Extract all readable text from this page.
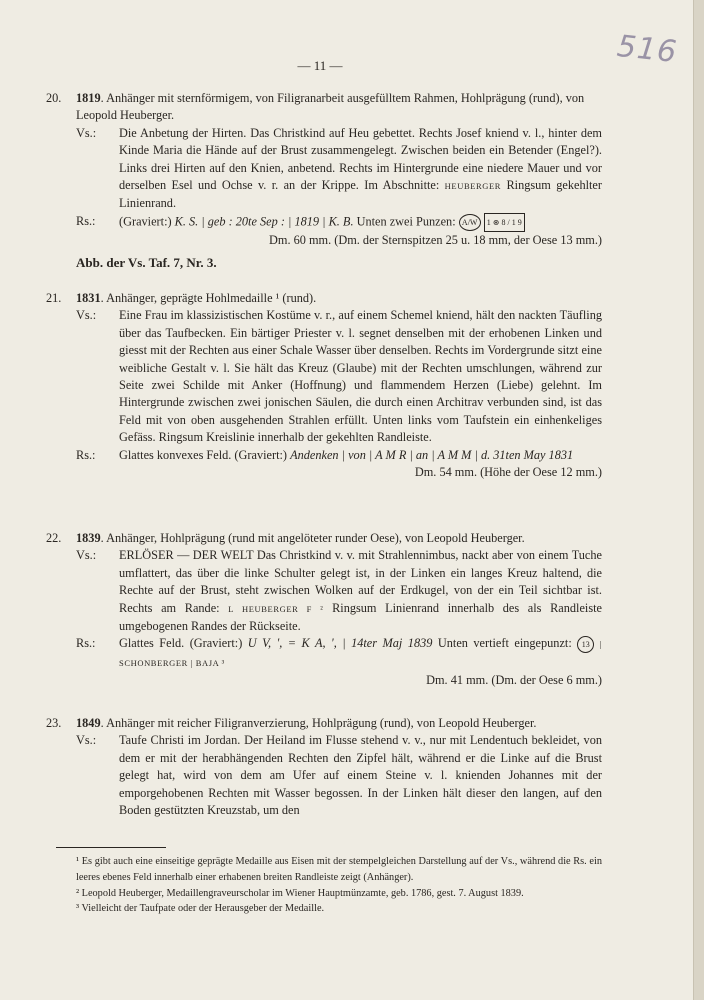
516
— 11 —
20.	1819. Anhänger mit sternförmigem, von Filigranarbeit ausgefülltem Rahmen, Hohlprägung (rund), von Leopold Heuberger.
Vs.:	Die Anbetung der Hirten. Das Christkind auf Heu gebettet. Rechts Josef kniend v. l., hinter dem Kinde Maria die Hände auf der Brust zusammengelegt. Zwischen beiden ein Betender (Engel?). Links drei Hirten auf den Knien, anbetend. Rechts im Hintergrunde eine niedere Mauer und vor derselben Esel und Ochse v. r. an der Krippe. Im Abschnitte: HEUBERGER Ringsum gekehlter Linienrand.
Rs.:	(Graviert:) K. S. | geb : 20te Sep : | 1819 | K. B. Unten zwei Punzen: A/W 1 ⊛ 8 / 1 9
Dm. 60 mm. (Dm. der Sternspitzen 25 u. 18 mm, der Oese 13 mm.)
Abb. der Vs. Taf. 7, Nr. 3.
21.	1831. Anhänger, geprägte Hohlmedaille ¹ (rund).
Vs.:	Eine Frau im klassizistischen Kostüme v. r., auf einem Schemel kniend, hält den nackten Täufling über das Taufbecken. Ein bärtiger Priester v. l. segnet denselben mit der erhobenen Linken und giesst mit der Rechten aus einer Schale Wasser über denselben. Rechts im Vordergrunde sitzt eine weibliche Gestalt v. l. Sie hält das Kreuz (Glaube) mit der Rechten umschlungen, während zur Seite zwei Schilde mit Anker (Hoffnung) und flammendem Herzen (Liebe) gelehnt. Im Hintergrunde zwischen zwei jonischen Säulen, die durch einen Architrav verbunden sind, ist das Feld mit von oben ausgehenden Strahlen erfüllt. Unten links vom Taufstein ein einhenkeliges Gefäss. Ringsum Kreislinie innerhalb der gekehlten Randleiste.
Rs.:	Glattes konvexes Feld. (Graviert:) Andenken | von | A M R | an | A M M | d. 31ten May 1831
Dm. 54 mm. (Höhe der Oese 12 mm.)
22.	1839. Anhänger, Hohlprägung (rund mit angelöteter runder Oese), von Leopold Heuberger.
Vs.:	ERLÖSER — DER WELT Das Christkind v. v. mit Strahlennimbus, nackt aber von einem Tuche umflattert, das über die linke Schulter gelegt ist, in der Linken ein langes Kreuz haltend, die Rechte auf der Brust, steht zwischen Wolken auf der Erdkugel, von der ein Teil sichtbar ist. Rechts am Rande: L HEUBERGER F ² Ringsum Linienrand innerhalb des als Randleiste umgebogenen Randes der Rückseite.
Rs.:	Glattes Feld. (Graviert:) U V, ', = K A, ', | 14ter Maj 1839 Unten vertieft eingepunzt: 13 | SCHONBERGER | BAJA ³
Dm. 41 mm. (Dm. der Oese 6 mm.)
23.	1849. Anhänger mit reicher Filigranverzierung, Hohlprägung (rund), von Leopold Heuberger.
Vs.:	Taufe Christi im Jordan. Der Heiland im Flusse stehend v. v., nur mit Lendentuch bekleidet, von dem er mit der herabhängenden Rechten den Zipfel hält, während er die Linke auf die Brust gelegt hat, wird von dem am Ufer auf einem Steine v. l. knienden Johannes mit der emporgehobenen Rechten mit Wasser begossen. In der Linken hält dieser den langen, auf den Boden gestützten Kreuzstab, um den

¹ Es gibt auch eine einseitige geprägte Medaille aus Eisen mit der stempelgleichen Darstellung auf der Vs., während die Rs. ein leeres ebenes Feld innerhalb einer erhabenen breiten Randleiste zeigt (Anhänger).

² Leopold Heuberger, Medaillengraveurscholar im Wiener Hauptmünzamte, geb. 1786, gest. 7. August 1839.

³ Vielleicht der Taufpate oder der Herausgeber der Medaille.
